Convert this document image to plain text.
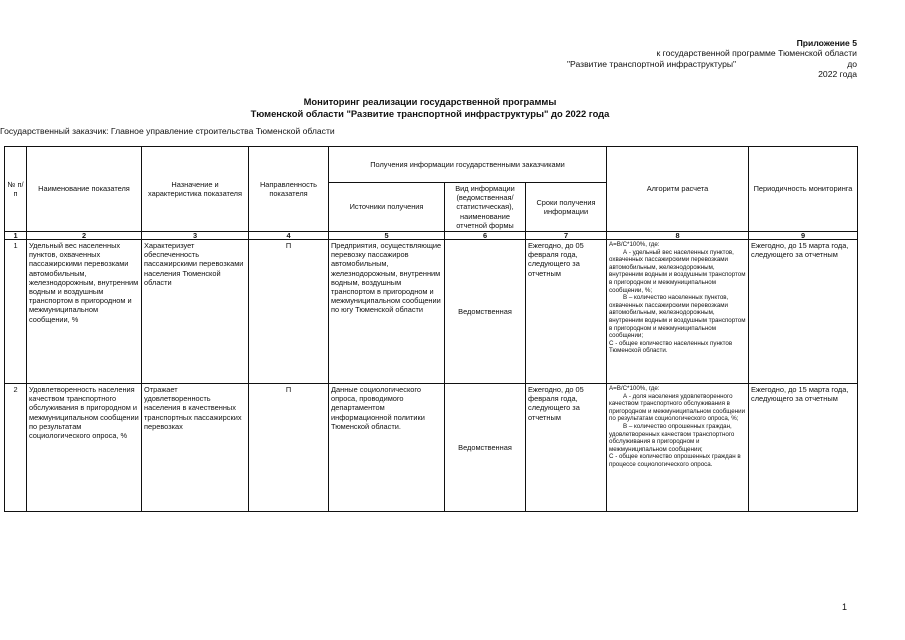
Приложение 5
к государственной программе Тюменской области
"Развитие транспортной инфраструктуры"	до
2022 года
Мониторинг реализации государственной программы
Тюменской области "Развитие транспортной инфраструктуры" до 2022 года
Государственный заказчик: Главное управление строительства Тюменской области
№ п/п	Наименование показателя	Назначение и характеристика показателя	Направленность показателя	Получения информации государственными заказчиками			Алгоритм расчета	Периодичность мониторинга
				Источники получения	Вид информации (ведомственная/ статистическая), наименование отчетной формы	Сроки получения информации		
1	2	3	4	5	6	7	8	9
1	Удельный вес населенных пунктов, охваченных пассажирскими перевозками автомобильным, железнодорожным, внутренним водным и воздушным транспортом в пригородном и межмуниципальном сообщении, %	Характеризует обеспеченность пассажирскими перевозками населения Тюменской области	П	Предприятия, осуществляющие перевозку пассажиров автомобильным, железнодорожным, внутренним водным, воздушным транспортом в пригородном и межмуниципальном сообщении по югу Тюменской области	Ведомственная	Ежегодно, до 05 февраля года, следующего за отчетным	А=В/С*100%, где:
А - удельный вес населенных пунктов, охваченных пассажирскими перевозками автомобильным, железнодорожным, внутренним водным и воздушным транспортом в пригородном и межмуниципальном сообщении, %;
В – количество населенных пунктов, охваченных пассажирскими перевозками автомобильным, железнодорожным, внутренним водным и воздушным транспортом в пригородном и межмуниципальном сообщении;
С - общее количество населенных пунктов Тюменской области.	Ежегодно, до 15 марта года, следующего за отчетным
2	Удовлетворенность населения качеством транспортного обслуживания в пригородном и межмуниципальном сообщении по результатам социологического опроса, %	Отражает удовлетворенность населения в качественных транспортных пассажирских перевозках	П	Данные социологического опроса, проводимого департаментом информационной политики Тюменской области.	Ведомственная	Ежегодно, до 05 февраля года, следующего за отчетным	А=В/С*100%, где:
А - доля населения удовлетворенного качеством транспортного обслуживания в пригородном и межмуниципальном сообщении по результатам социологического опроса, %;
В – количество опрошенных граждан, удовлетворенных качеством транспортного обслуживания в пригородном и межмуниципальном сообщении;
С - общее количество опрошенных граждан в процессе социологического опроса.	Ежегодно, до 15 марта года, следующего за отчетным
1
